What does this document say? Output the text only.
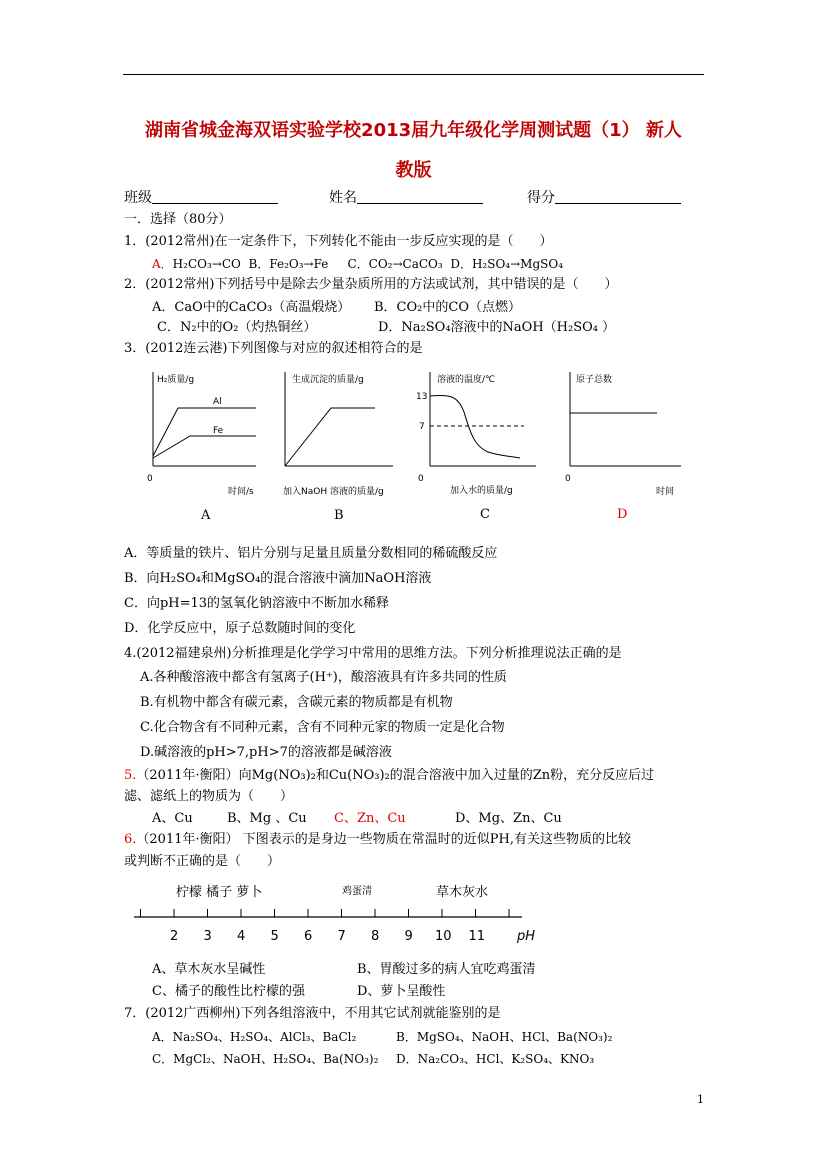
湖南省城金海双语实验学校2013届九年级化学周测试题（1） 新人
教版
班级	姓名	得分
一．选择（80分）
1．(2012常州)在一定条件下，下列转化不能由一步反应实现的是（　　）
A．H₂CO₃→CO B．Fe₂O₃→Fe C．CO₂→CaCO₃ D．H₂SO₄→MgSO₄
2．(2012常州)下列括号中是除去少量杂质所用的方法或试剂，其中错误的是（　　）
A．CaO中的CaCO₃（高温煅烧） B．CO₂中的CO（点燃）
C．N₂中的O₂（灼热铜丝）	D．Na₂SO₄溶液中的NaOH（H₂SO₄ ）
3．(2012连云港)下列图像与对应的叙述相符合的是
H₂质量/g
Al
Fe
0
时间/s
生成沉淀的质量/g
加入NaOH 溶液的质量/g
溶液的温度/℃
13
7
0
加入水的质量/g
原子总数
0
时间
A	B	C	D
A．等质量的铁片、铝片分别与足量且质量分数相同的稀硫酸反应
B．向H₂SO₄和MgSO₄的混合溶液中滴加NaOH溶液
C．向pH=13的氢氧化钠溶液中不断加水稀释
D．化学反应中，原子总数随时间的变化
4.(2012福建泉州)分析推理是化学学习中常用的思维方法。下列分析推理说法正确的是
A.各种酸溶液中都含有氢离子(H⁺)，酸溶液具有许多共同的性质
B.有机物中都含有碳元素，含碳元素的物质都是有机物
C.化合物含有不同种元素，含有不同种元家的物质一定是化合物
D.碱溶液的pH>7,pH>7的溶液都是碱溶液
5.（2011年·衡阳）向Mg(NO₃)₂和Cu(NO₃)₂的混合溶液中加入过量的Zn粉，充分反应后过
滤、滤纸上的物质为（　　）
A、Cu	B、Mg 、Cu C、Zn、Cu	D、Mg、Zn、Cu
6.（2011年·衡阳） 下图表示的是身边一些物质在常温时的近似PH,有关这些物质的比较
或判断不正确的是（　　）
柠檬 橘子 萝卜	鸡蛋清	草木灰水
2 3 4 5 6 7 8 9 10 11 pH
A、草木灰水呈碱性	B、胃酸过多的病人宜吃鸡蛋清
C、橘子的酸性比柠檬的强	D、萝卜呈酸性
7．(2012广西柳州)下列各组溶液中，不用其它试剂就能鉴别的是
A．Na₂SO₄、H₂SO₄、AlCl₃、BaCl₂	B．MgSO₄、NaOH、HCl、Ba(NO₃)₂
C．MgCl₂、NaOH、H₂SO₄、Ba(NO₃)₂ D．Na₂CO₃、HCl、K₂SO₄、KNO₃
1
